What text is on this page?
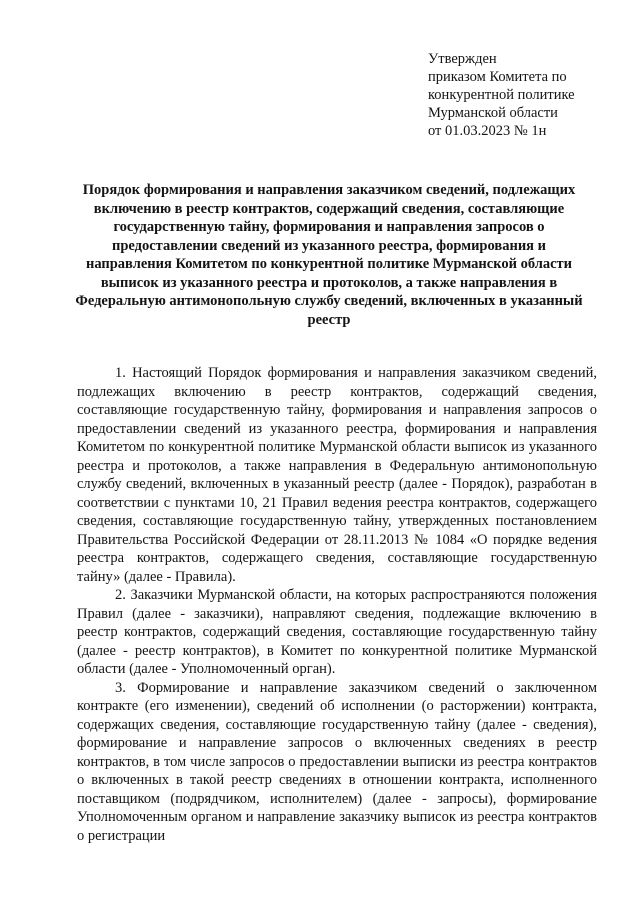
Утвержден
приказом Комитета по
конкурентной политике
Мурманской области
от 01.03.2023 № 1н
Порядок формирования и направления заказчиком сведений, подлежащих включению в реестр контрактов, содержащий сведения, составляющие государственную тайну, формирования и направления запросов о предоставлении сведений из указанного реестра, формирования и направления Комитетом по конкурентной политике Мурманской области выписок из указанного реестра и протоколов, а также направления в Федеральную антимонопольную службу сведений, включенных в указанный реестр

1. Настоящий Порядок формирования и направления заказчиком сведений, подлежащих включению в реестр контрактов, содержащий сведения, составляющие государственную тайну, формирования и направления запросов о предоставлении сведений из указанного реестра, формирования и направления Комитетом по конкурентной политике Мурманской области выписок из указанного реестра и протоколов, а также направления в Федеральную антимонопольную службу сведений, включенных в указанный реестр (далее - Порядок), разработан в соответствии с пунктами 10, 21 Правил ведения реестра контрактов, содержащего сведения, составляющие государственную тайну, утвержденных постановлением Правительства Российской Федерации от 28.11.2013 № 1084 «О порядке ведения реестра контрактов, содержащего сведения, составляющие государственную тайну» (далее - Правила).

2. Заказчики Мурманской области, на которых распространяются положения Правил (далее - заказчики), направляют сведения, подлежащие включению в реестр контрактов, содержащий сведения, составляющие государственную тайну (далее - реестр контрактов), в Комитет по конкурентной политике Мурманской области (далее - Уполномоченный орган).

3. Формирование и направление заказчиком сведений о заключенном контракте (его изменении), сведений об исполнении (о расторжении) контракта, содержащих сведения, составляющие государственную тайну (далее - сведения), формирование и направление запросов о включенных сведениях в реестр контрактов, в том числе запросов о предоставлении выписки из реестра контрактов о включенных в такой реестр сведениях в отношении контракта, исполненного поставщиком (подрядчиком, исполнителем) (далее - запросы), формирование Уполномоченным органом и направление заказчику выписок из реестра контрактов о регистрации
